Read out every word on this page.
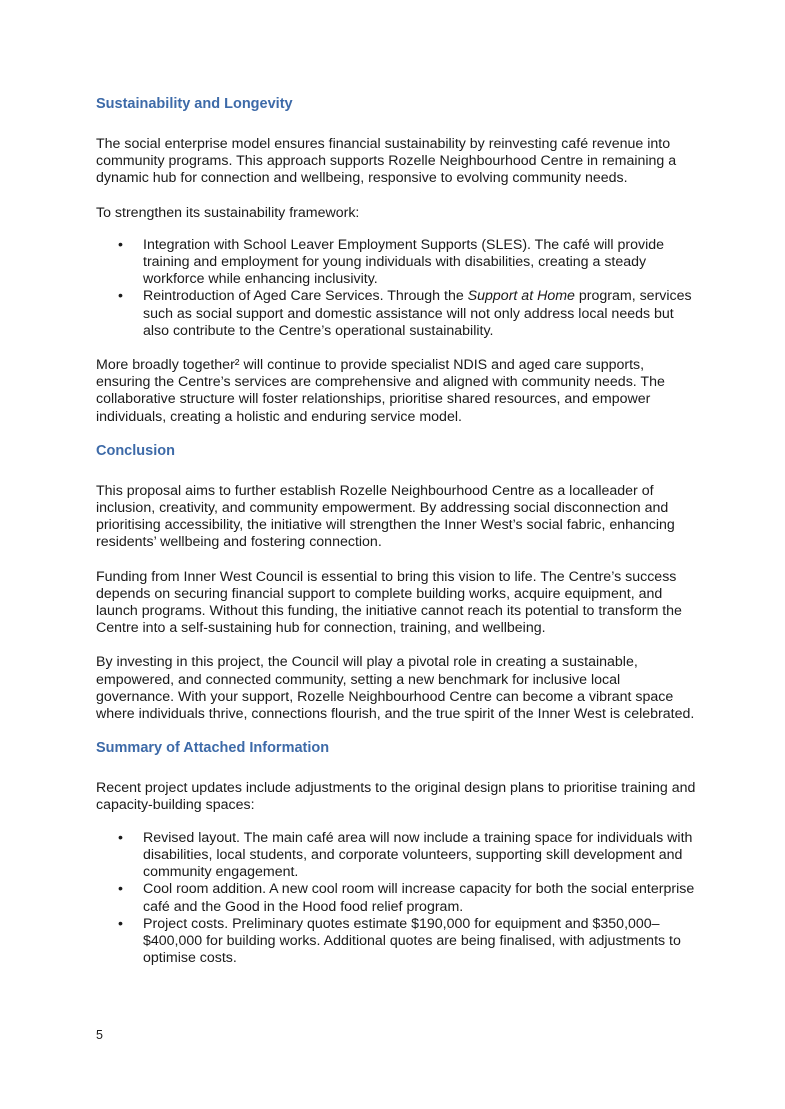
Sustainability and Longevity

The social enterprise model ensures financial sustainability by reinvesting café revenue into community programs. This approach supports Rozelle Neighbourhood Centre in remaining a dynamic hub for connection and wellbeing, responsive to evolving community needs.

To strengthen its sustainability framework:

• Integration with School Leaver Employment Supports (SLES). The café will provide training and employment for young individuals with disabilities, creating a steady workforce while enhancing inclusivity.
• Reintroduction of Aged Care Services. Through the Support at Home program, services such as social support and domestic assistance will not only address local needs but also contribute to the Centre’s operational sustainability.

More broadly together² will continue to provide specialist NDIS and aged care supports, ensuring the Centre’s services are comprehensive and aligned with community needs. The collaborative structure will foster relationships, prioritise shared resources, and empower individuals, creating a holistic and enduring service model.

Conclusion

This proposal aims to further establish Rozelle Neighbourhood Centre as a localleader of inclusion, creativity, and community empowerment. By addressing social disconnection and prioritising accessibility, the initiative will strengthen the Inner West’s social fabric, enhancing residents’ wellbeing and fostering connection.

Funding from Inner West Council is essential to bring this vision to life. The Centre’s success depends on securing financial support to complete building works, acquire equipment, and launch programs. Without this funding, the initiative cannot reach its potential to transform the Centre into a self-sustaining hub for connection, training, and wellbeing.

By investing in this project, the Council will play a pivotal role in creating a sustainable, empowered, and connected community, setting a new benchmark for inclusive local governance. With your support, Rozelle Neighbourhood Centre can become a vibrant space where individuals thrive, connections flourish, and the true spirit of the Inner West is celebrated.

Summary of Attached Information

Recent project updates include adjustments to the original design plans to prioritise training and capacity-building spaces:

• Revised layout. The main café area will now include a training space for individuals with disabilities, local students, and corporate volunteers, supporting skill development and community engagement.
• Cool room addition. A new cool room will increase capacity for both the social enterprise café and the Good in the Hood food relief program.
• Project costs. Preliminary quotes estimate $190,000 for equipment and $350,000–$400,000 for building works. Additional quotes are being finalised, with adjustments to optimise costs.
5
